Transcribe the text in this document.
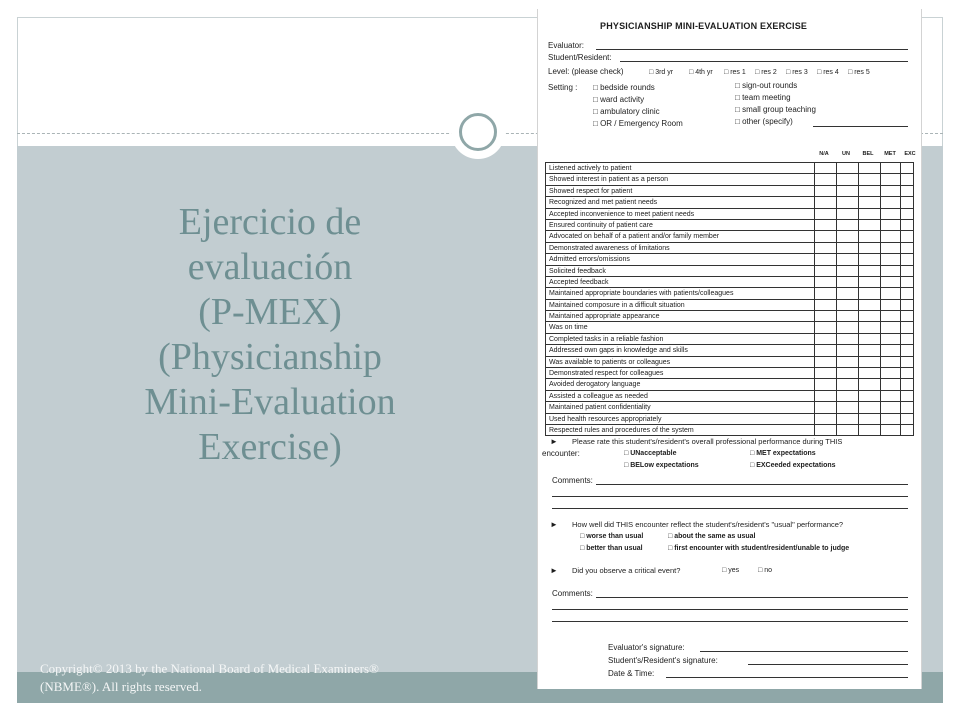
Ejercicio de
evaluación
(P-MEX)
(Physicianship
Mini-Evaluation
Exercise)
Copyright© 2013 by the National Board of Medical Examiners®
(NBME®). All rights reserved.
PHYSICIANSHIP MINI-EVALUATION EXERCISE
Evaluator:
Student/Resident:
Level: (please check) □	3rd yr □	4th yr □	res 1 □	res 2 □	res 3 □	res 4 □	res 5
Setting : □	bedside rounds
□ ward activity
□ ambulatory clinic
□ OR / Emergency Room
□ sign-out rounds
□ team meeting
□ small group teaching
□ other (specify)
N/A	UN	BEL	MET	EXC
Listened actively to patient
Showed interest in patient as a person
Showed respect for patient
Recognized and met patient needs
Accepted inconvenience to meet patient needs
Ensured continuity of patient care
Advocated on behalf of a patient and/or family member
Demonstrated awareness of limitations
Admitted errors/omissions
Solicited feedback
Accepted feedback
Maintained appropriate boundaries with patients/colleagues
Maintained composure in a difficult situation
Maintained appropriate appearance
Was on time
Completed tasks in a reliable fashion
Addressed own gaps in knowledge and skills
Was available to patients or colleagues
Demonstrated respect for colleagues
Avoided derogatory language
Assisted a colleague as needed
Maintained patient confidentiality
Used health resources appropriately
Respected rules and procedures of the system
► Please rate this student's/resident's overall professional performance during THIS
encounter: □	UNacceptable
□ BELow expectations
□ MET expectations
□ EXCeeded expectations
Comments:
► How well did THIS encounter reflect the student's/resident's "usual" performance?
□ worse than usual □	about the same as usual
□ better than usual □	first encounter with student/resident/unable to judge
► Did you observe a critical event? □	yes □	no
Comments:
Evaluator's signature:
Student's/Resident's signature:
Date & Time:
